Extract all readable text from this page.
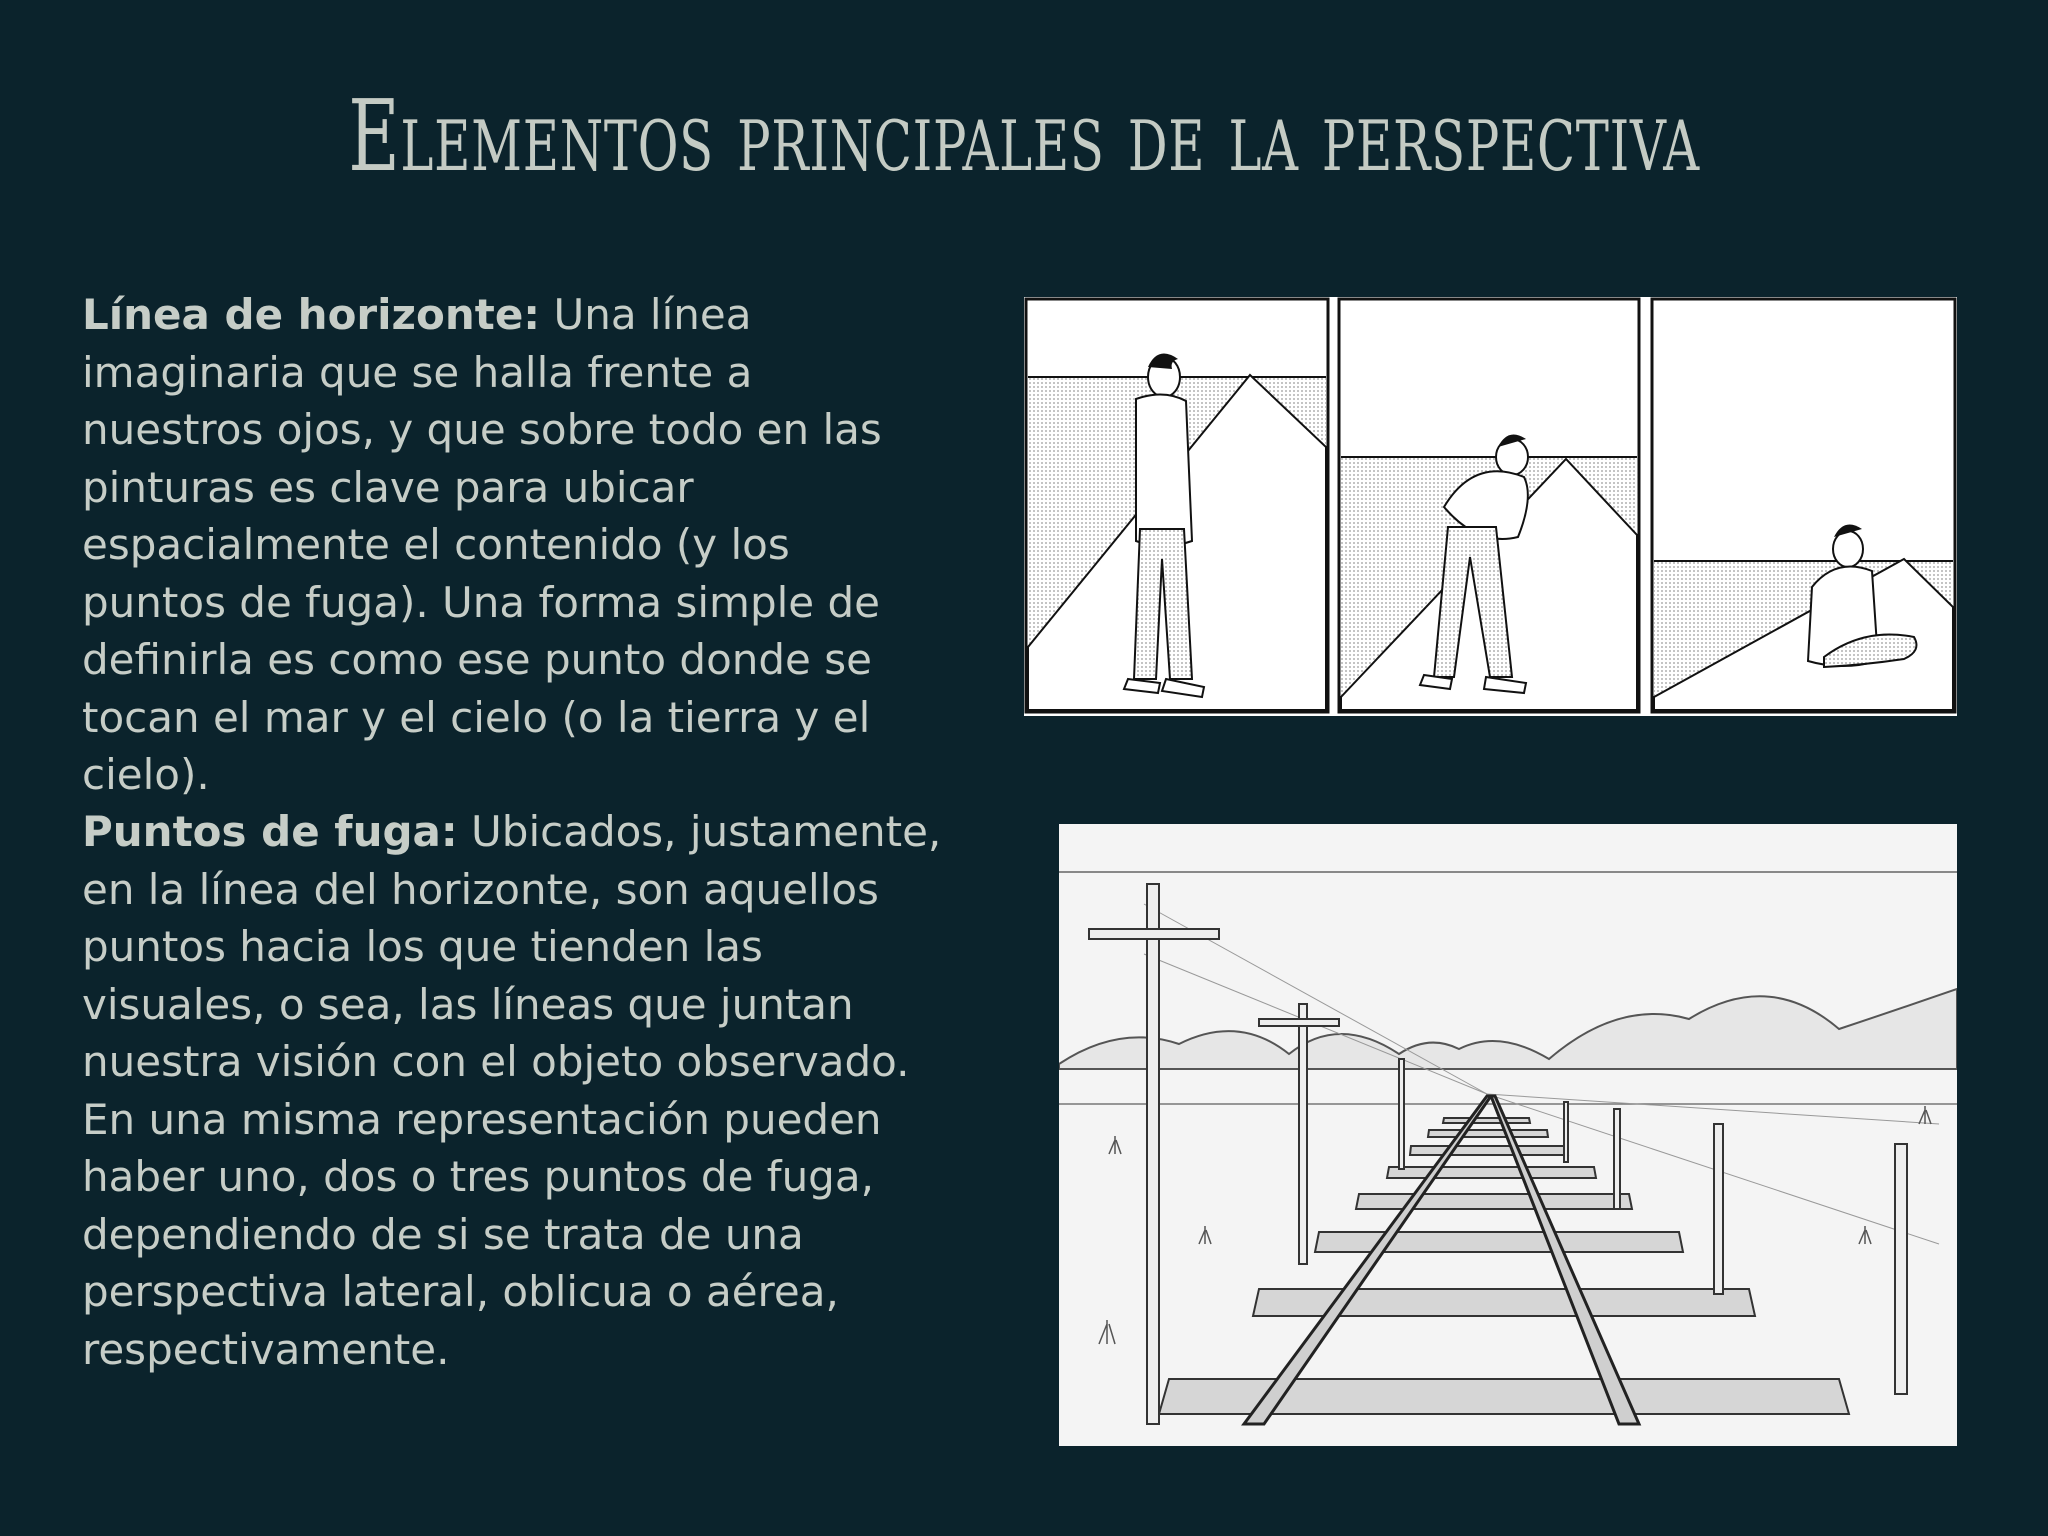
Elementos principales de la perspectiva
Línea de horizonte: Una línea imaginaria que se halla frente a nuestros ojos, y que sobre todo en las pinturas es clave para ubicar espacialmente el contenido (y los puntos de fuga). Una forma simple de definirla es como ese punto donde se tocan el mar y el cielo (o la tierra y el cielo).
Puntos de fuga: Ubicados, justamente, en la línea del horizonte, son aquellos puntos hacia los que tienden las visuales, o sea, las líneas que juntan nuestra visión con el objeto observado. En una misma representación pueden haber uno, dos o tres puntos de fuga, dependiendo de si se trata de una perspectiva lateral, oblicua o aérea, respectivamente.
